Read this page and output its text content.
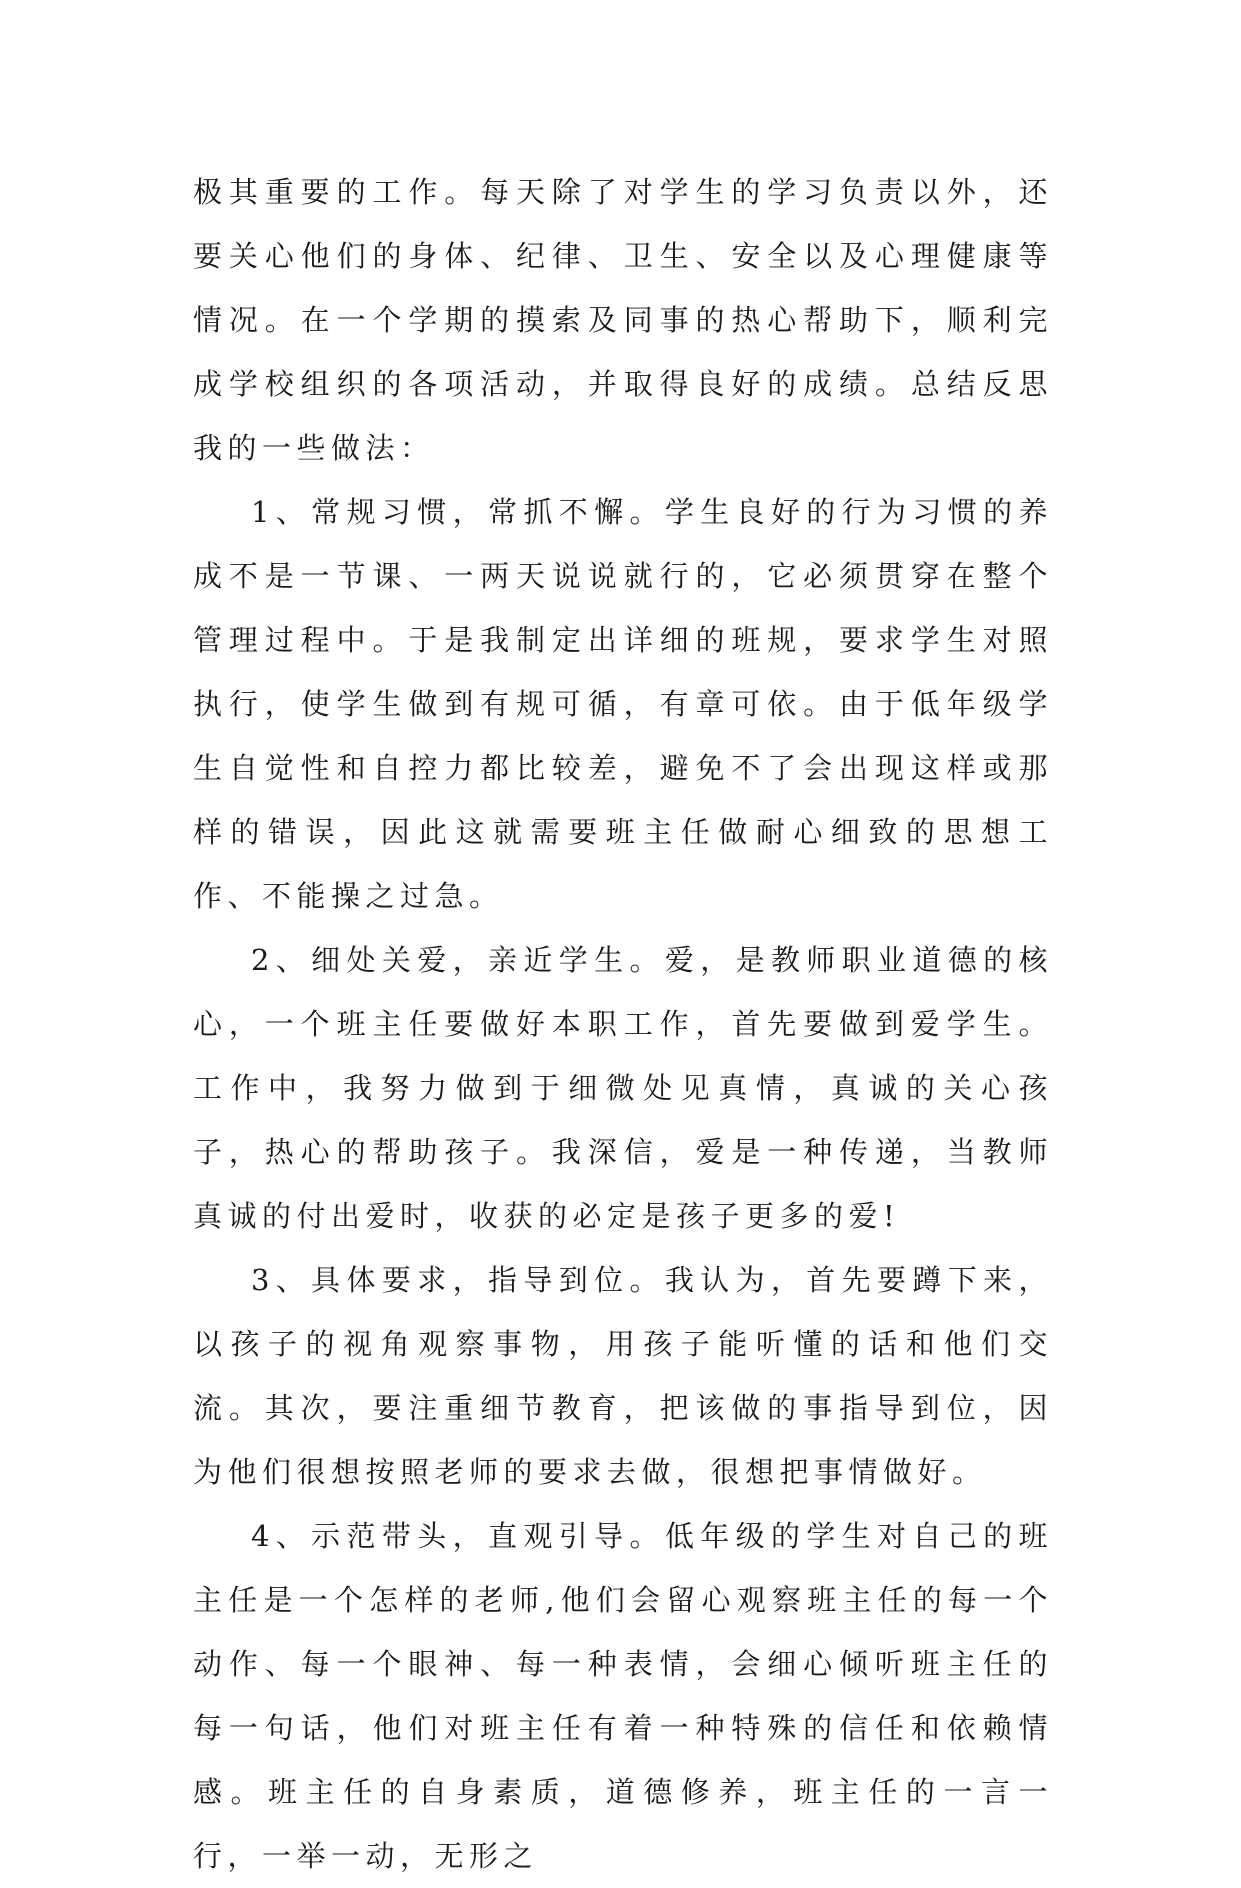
极其重要的工作。每天除了对学生的学习负责以外，还要关心他们的身体、纪律、卫生、安全以及心理健康等情况。在一个学期的摸索及同事的热心帮助下，顺利完成学校组织的各项活动，并取得良好的成绩。总结反思我的一些做法：

1、常规习惯，常抓不懈。学生良好的行为习惯的养成不是一节课、一两天说说就行的，它必须贯穿在整个管理过程中。于是我制定出详细的班规，要求学生对照执行，使学生做到有规可循，有章可依。由于低年级学生自觉性和自控力都比较差，避免不了会出现这样或那样的错误，因此这就需要班主任做耐心细致的思想工作、不能操之过急。

2、细处关爱，亲近学生。爱，是教师职业道德的核心，一个班主任要做好本职工作，首先要做到爱学生。工作中，我努力做到于细微处见真情，真诚的关心孩子，热心的帮助孩子。我深信，爱是一种传递，当教师真诚的付出爱时，收获的必定是孩子更多的爱!

3、具体要求，指导到位。我认为，首先要蹲下来，以孩子的视角观察事物，用孩子能听懂的话和他们交流。其次，要注重细节教育，把该做的事指导到位，因为他们很想按照老师的要求去做，很想把事情做好。

4、示范带头，直观引导。低年级的学生对自己的班主任是一个怎样的老师,他们会留心观察班主任的每一个动作、每一个眼神、每一种表情，会细心倾听班主任的每一句话，他们对班主任有着一种特殊的信任和依赖情感。班主任的自身素质，道德修养，班主任的一言一行，一举一动，无形之
